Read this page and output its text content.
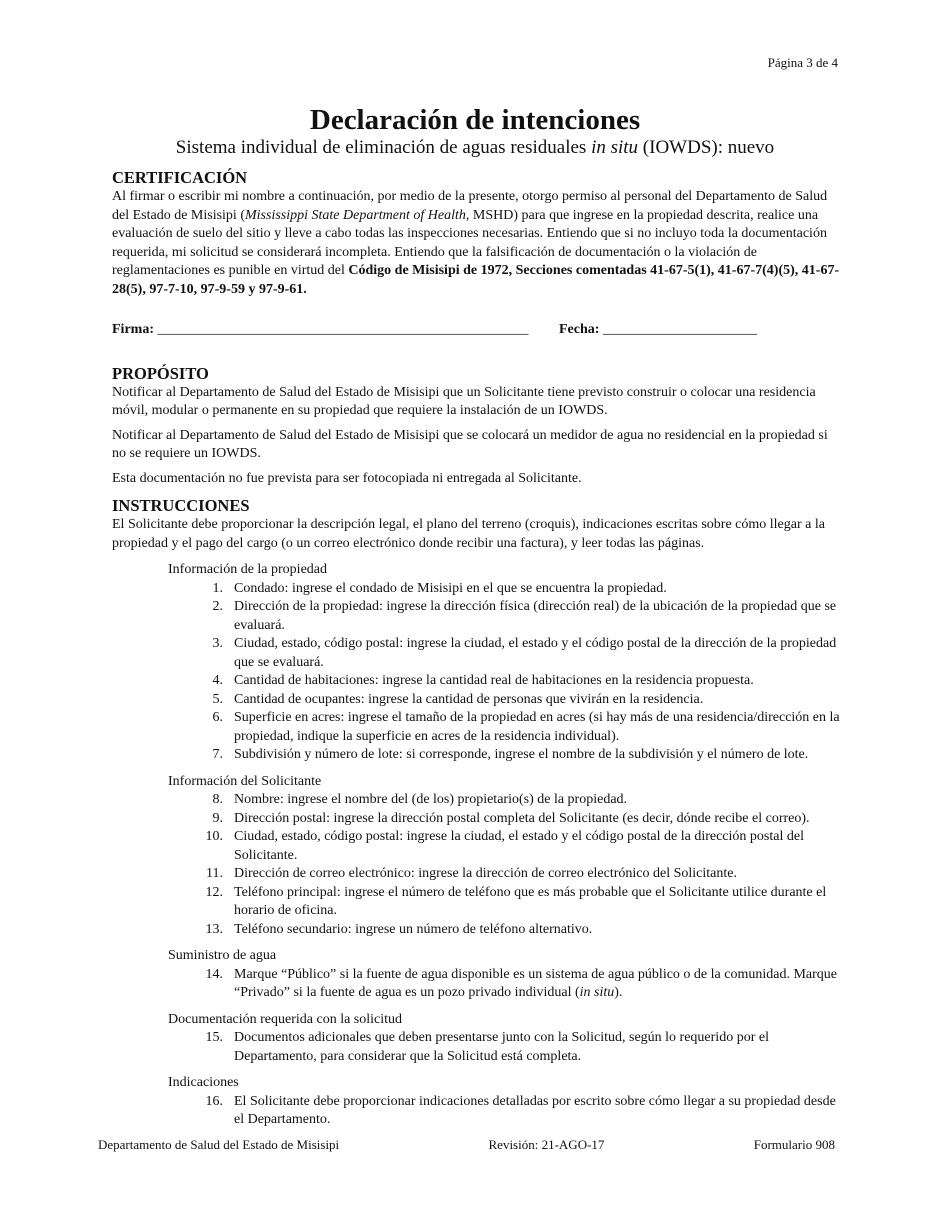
Página 3 de 4
Declaración de intenciones
Sistema individual de eliminación de aguas residuales in situ (IOWDS): nuevo
CERTIFICACIÓN

Al firmar o escribir mi nombre a continuación, por medio de la presente, otorgo permiso al personal del Departamento de Salud del Estado de Misisipi (Mississippi State Department of Health, MSHD) para que ingrese en la propiedad descrita, realice una evaluación de suelo del sitio y lleve a cabo todas las inspecciones necesarias. Entiendo que si no incluyo toda la documentación requerida, mi solicitud se considerará incompleta. Entiendo que la falsificación de documentación o la violación de reglamentaciones es punible en virtud del Código de Misisipi de 1972, Secciones comentadas 41-67-5(1), 41-67-7(4)(5), 41-67-28(5), 97-7-10, 97-9-59 y 97-9-61.

Firma: _____________________________________________________	Fecha: ______________________
PROPÓSITO

Notificar al Departamento de Salud del Estado de Misisipi que un Solicitante tiene previsto construir o colocar una residencia móvil, modular o permanente en su propiedad que requiere la instalación de un IOWDS.

Notificar al Departamento de Salud del Estado de Misisipi que se colocará un medidor de agua no residencial en la propiedad si no se requiere un IOWDS.

Esta documentación no fue prevista para ser fotocopiada ni entregada al Solicitante.

INSTRUCCIONES

El Solicitante debe proporcionar la descripción legal, el plano del terreno (croquis), indicaciones escritas sobre cómo llegar a la propiedad y el pago del cargo (o un correo electrónico donde recibir una factura), y leer todas las páginas.

Información de la propiedad
1. Condado: ingrese el condado de Misisipi en el que se encuentra la propiedad.
2. Dirección de la propiedad: ingrese la dirección física (dirección real) de la ubicación de la propiedad que se evaluará.
3. Ciudad, estado, código postal: ingrese la ciudad, el estado y el código postal de la dirección de la propiedad que se evaluará.
4. Cantidad de habitaciones: ingrese la cantidad real de habitaciones en la residencia propuesta.
5. Cantidad de ocupantes: ingrese la cantidad de personas que vivirán en la residencia.
6. Superficie en acres: ingrese el tamaño de la propiedad en acres (si hay más de una residencia/dirección en la propiedad, indique la superficie en acres de la residencia individual).
7. Subdivisión y número de lote: si corresponde, ingrese el nombre de la subdivisión y el número de lote.
Información del Solicitante
8. Nombre: ingrese el nombre del (de los) propietario(s) de la propiedad.
9. Dirección postal: ingrese la dirección postal completa del Solicitante (es decir, dónde recibe el correo).
10. Ciudad, estado, código postal: ingrese la ciudad, el estado y el código postal de la dirección postal del Solicitante.
11. Dirección de correo electrónico: ingrese la dirección de correo electrónico del Solicitante.
12. Teléfono principal: ingrese el número de teléfono que es más probable que el Solicitante utilice durante el horario de oficina.
13. Teléfono secundario: ingrese un número de teléfono alternativo.
Suministro de agua
14. Marque “Público” si la fuente de agua disponible es un sistema de agua público o de la comunidad. Marque “Privado” si la fuente de agua es un pozo privado individual (in situ).
Documentación requerida con la solicitud
15. Documentos adicionales que deben presentarse junto con la Solicitud, según lo requerido por el Departamento, para considerar que la Solicitud está completa.
Indicaciones
16. El Solicitante debe proporcionar indicaciones detalladas por escrito sobre cómo llegar a su propiedad desde el Departamento.
Departamento de Salud del Estado de Misisipi	Revisión: 21-AGO-17	Formulario 908
